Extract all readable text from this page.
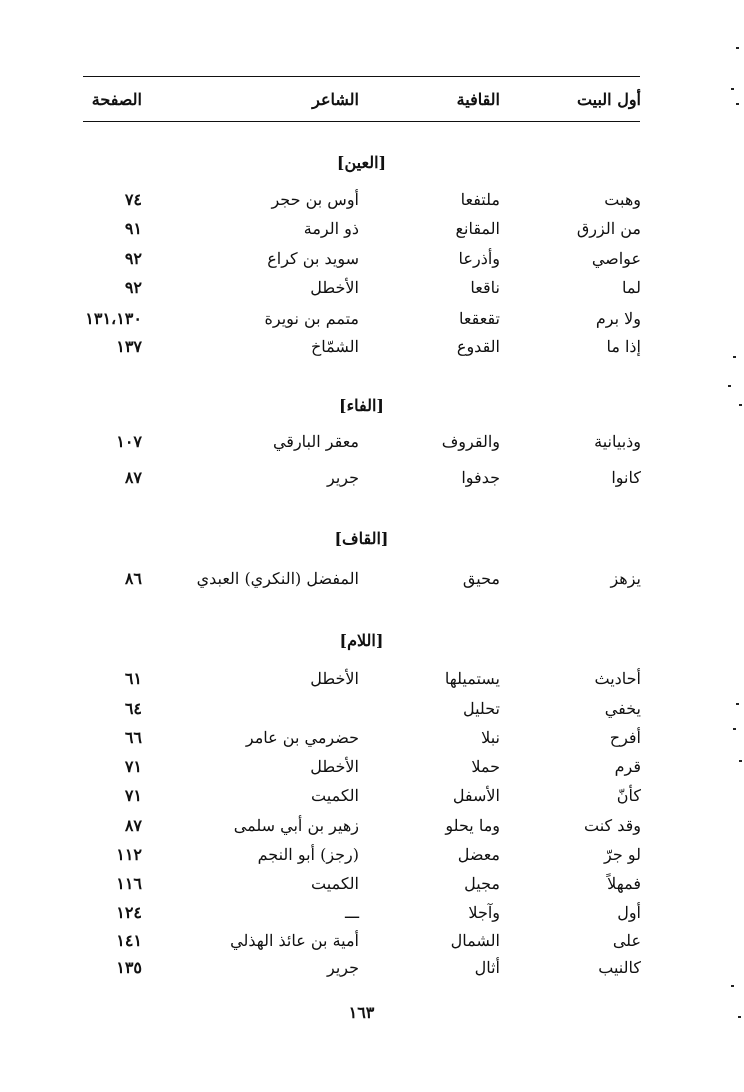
أول البيت
القافية
الشاعر
الصفحة
[العين]
وهبت
ملتفعا
أوس بن حجر
٧٤
من الزرق
المقانع
ذو الرمة
٩١
عواصي
وأذرعا
سويد بن كراع
٩٢
لما
ناقعا
الأخطل
٩٢
ولا برم
تقعقعا
متمم بن نويرة
١٣١،١٣٠
إذا ما
القدوع
الشمّاخ
١٣٧
[الفاء]
وذبيانية
والقروف
معقر البارقي
١٠٧
كانوا
جدفوا
جرير
٨٧
[القاف]
يزهز
محيق
المفضل (النكري) العبدي
٨٦
[اللام]
أحاديث
يستميلها
الأخطل
٦١
يخفي
تحليل
٦٤
أفرح
نبلا
حضرمي بن عامر
٦٦
قرم
حملا
الأخطل
٧١
كأنّ
الأسفل
الكميت
٧١
وقد كنت
وما يحلو
زهير بن أبي سلمى
٨٧
لو جرّ
معضل
(رجز) أبو النجم
١١٢
فمهلاً
مجيل
الكميت
١١٦
أول
وآجلا
ـــ
١٢٤
على
الشمال
أمية بن عائذ الهذلي
١٤١
كالنيب
أثال
جرير
١٣٥
١٦٣
